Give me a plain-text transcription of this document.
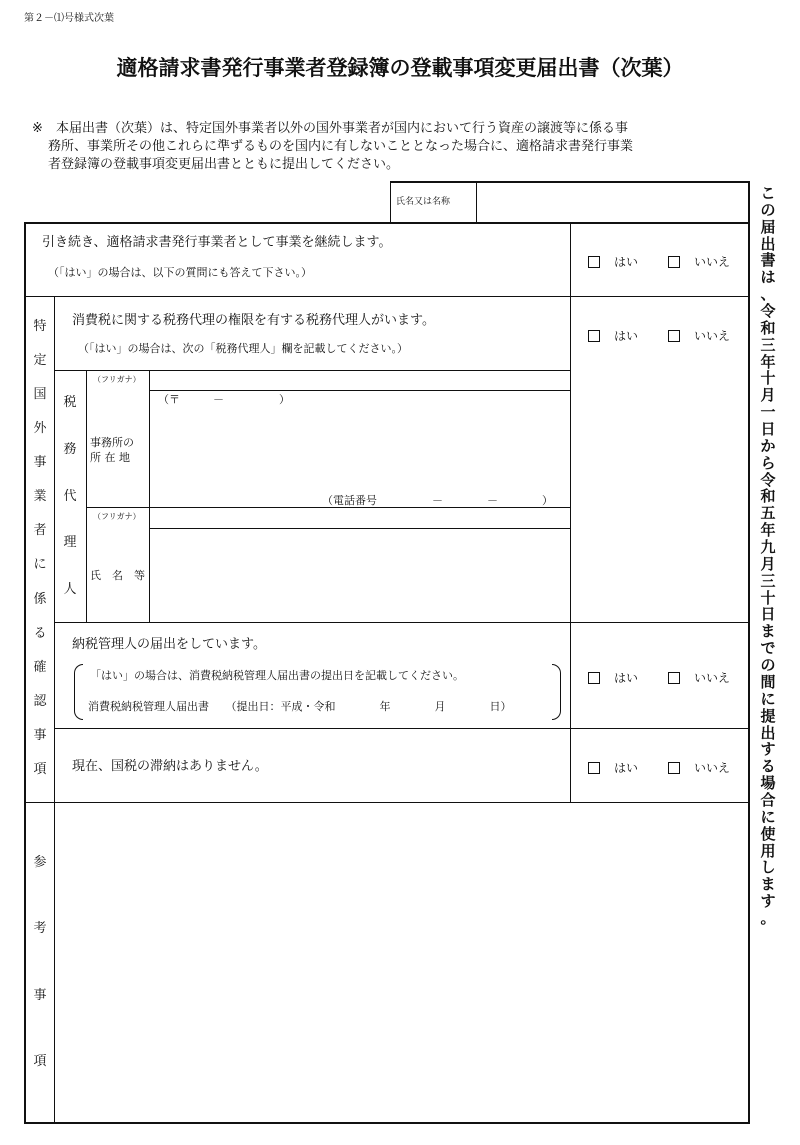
第２－⑴号様式次葉
適格請求書発行事業者登録簿の登載事項変更届出書（次葉）
※ 本届出書（次葉）は、特定国外事業者以外の国外事業者が国内において行う資産の譲渡等に係る事
務所、事業所その他これらに準ずるものを国内に有しないこととなった場合に、適格請求書発行事業
者登録簿の登載事項変更届出書とともに提出してください。
氏名又は名称
引き続き、適格請求書発行事業者として事業を継続します。
（「はい」の場合は、以下の質問にも答えて下さい。）
はい	いいえ
特
定
国
外
事
業
者
に
係
る
確
認
事
項
消費税に関する税務代理の権限を有する税務代理人がいます。
（「はい」の場合は、次の「税務代理人」欄を記載してください。）
はい	いいえ
税
務
代
理
人
（フリガナ）
事務所の
所 在 地
（〒　　　－　　　　　）
（電話番号　　　　　－　　　　－　　　　）
（フリガナ）
氏　名　等
納税管理人の届出をしています。
「はい」の場合は、消費税納税管理人届出書の提出日を記載してください。
消費税納税管理人届出書　　（提出日：平成・令和　　　　年　　　　月　　　　日）
はい	いいえ
現在、国税の滞納はありません。	はい	いいえ
参
考
事
項
こ
の
届
出
書
は
、
令
和
三
年
十
月
一
日
か
ら
令
和
五
年
九
月
三
十
日
ま
で
の
間
に
提
出
す
る
場
合
に
使
用
し
ま
す
。
